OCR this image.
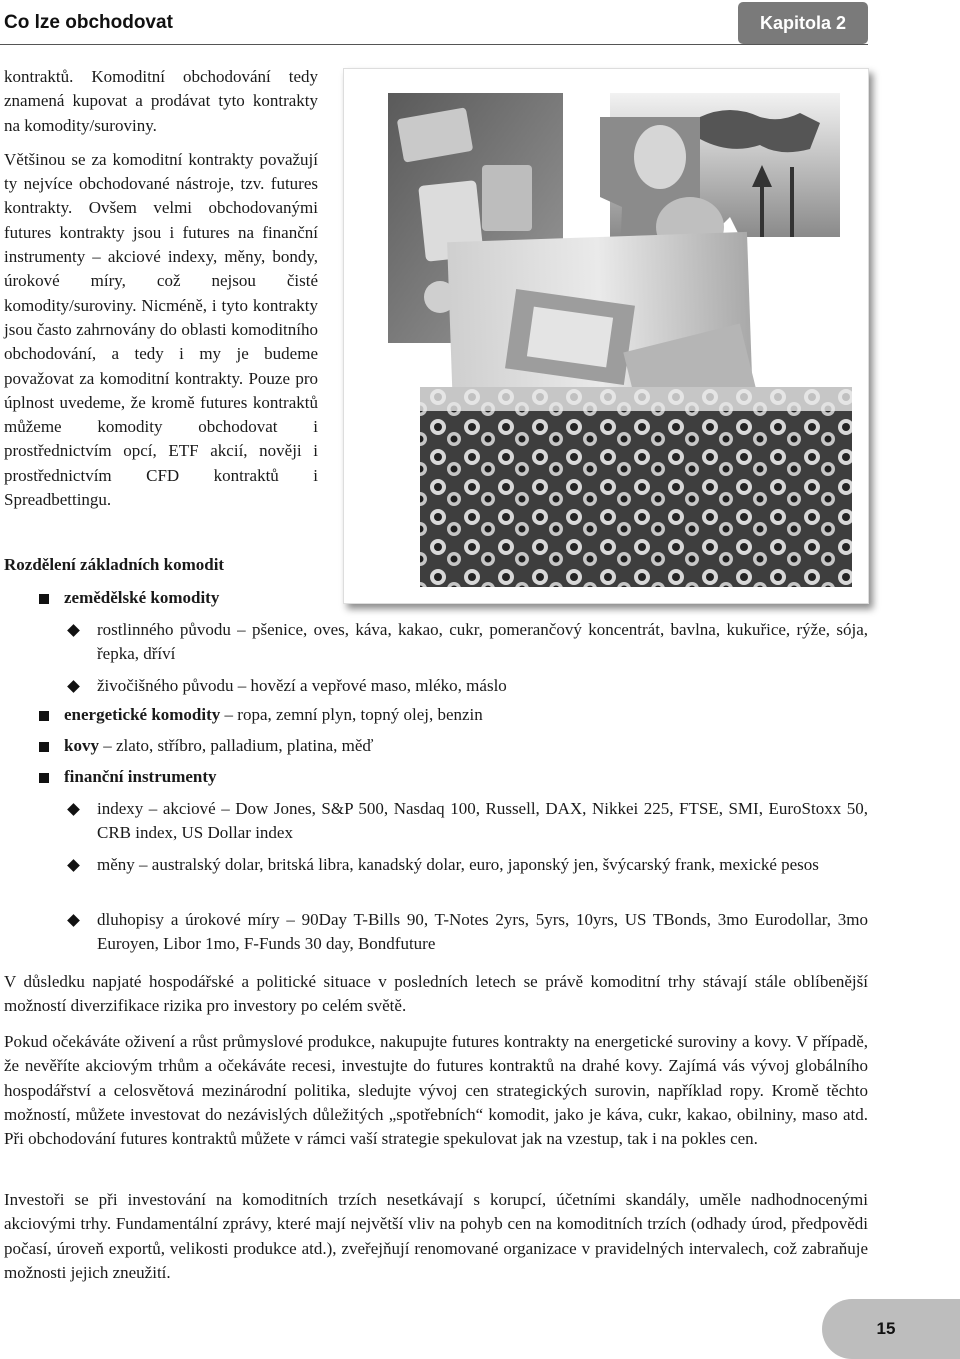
Co lze obchodovat	Kapitola 2

kontraktů. Komoditní obchodování tedy znamená kupovat a prodávat tyto kontrakty na komodity/suroviny.

Většinou se za komoditní kontrakty považují ty nejvíce obchodované nástroje, tzv. futures kontrakty. Ovšem velmi obchodovanými futures kontrakty jsou i futures na finanční instrumenty – akciové indexy, měny, bondy, úrokové míry, což nejsou čisté komodity/suroviny. Nicméně, i tyto kontrakty jsou často zahrnovány do oblasti komoditního obchodování, a tedy i my je budeme považovat za komoditní kontrakty. Pouze pro úplnost uvedeme, že kromě futures kontraktů můžeme komodity obchodovat i prostřednictvím opcí, ETF akcií, nověji i prostřednictvím CFD kontraktů i Spreadbettingu.

Rozdělení základních komodit

zemědělské komodity

rostlinného původu – pšenice, oves, káva, kakao, cukr, pomerančový koncentrát, bavlna, kukuřice, rýže, sója, řepka, dříví

živočišného původu – hovězí a vepřové maso, mléko, máslo

energetické komodity – ropa, zemní plyn, topný olej, benzin

kovy – zlato, stříbro, palladium, platina, měď

finanční instrumenty

indexy – akciové – Dow Jones, S&P 500, Nasdaq 100, Russell, DAX, Nikkei 225, FTSE, SMI, EuroStoxx 50, CRB index, US Dollar index

měny – australský dolar, britská libra, kanadský dolar, euro, japonský jen, švýcarský frank, mexické pesos

dluhopisy a úrokové míry – 90Day T-Bills 90, T-Notes 2yrs, 5yrs, 10yrs, US TBonds, 3mo Eurodollar, 3mo Euroyen, Libor 1mo, F-Funds 30 day, Bondfuture

V důsledku napjaté hospodářské a politické situace v posledních letech se právě komoditní trhy stávají stále oblíbenější možností diverzifikace rizika pro investory po celém světě.

Pokud očekáváte oživení a růst průmyslové produkce, nakupujte futures kontrakty na energetické suroviny a kovy. V případě, že nevěříte akciovým trhům a očekáváte recesi, investujte do futures kontraktů na drahé kovy. Zajímá vás vývoj globálního hospodářství a celosvětová mezinárodní politika, sledujte vývoj cen strategických surovin, například ropy. Kromě těchto možností, můžete investovat do nezávislých důležitých „spotřebních“ komodit, jako je káva, cukr, kakao, obilniny, maso atd. Při obchodování futures kontraktů můžete v rámci vaší strategie spekulovat jak na vzestup, tak i na pokles cen.

Investoři se při investování na komoditních trzích nesetkávají s korupcí, účetními skandály, uměle nadhodnocenými akciovými trhy. Fundamentální zprávy, které mají největší vliv na pohyb cen na komoditních trzích (odhady úrod, předpovědi počasí, úroveň exportů, velikosti produkce atd.), zveřejňují renomované organizace v pravidelných intervalech, což zabraňuje možnosti jejich zneužití.

15
